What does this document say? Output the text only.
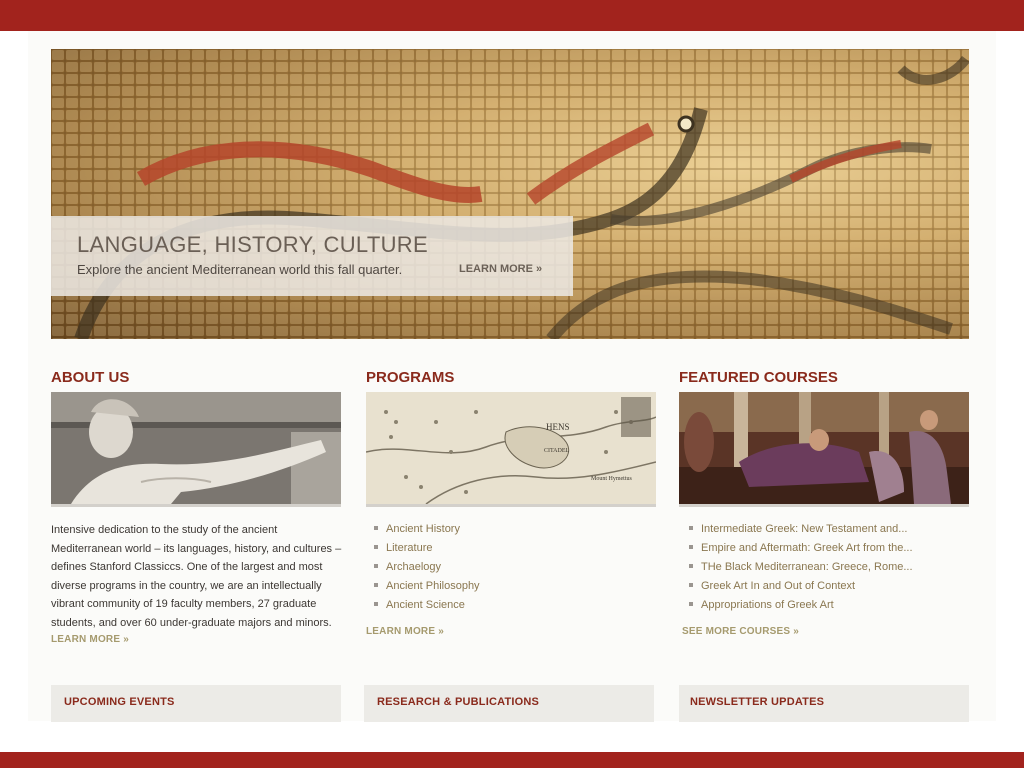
LANGUAGE, HISTORY, CULTURE
Explore the ancient Mediterranean world this fall quarter.	LEARN MORE »
ABOUT US
Intensive dedication to the study of the ancient Mediterranean world – its languages, history, and cultures – defines Stanford Classiccs. One of the largest and most diverse programs in the country, we are an intellectually vibrant community of 19 faculty members, 27 graduate students, and over 60 under-graduate majors and minors.
LEARN MORE »
PROGRAMS
HENS
CITADEL
Mount Hymettus
Ancient History
Literature
Archaelogy
Ancient Philosophy
Ancient Science
LEARN MORE »
FEATURED COURSES
Intermediate Greek: New Testament and...
Empire and Aftermath: Greek Art from the...
THe Black Mediterranean: Greece, Rome...
Greek Art In and Out of Context
Appropriations of Greek Art
SEE MORE COURSES »
UPCOMING EVENTS	RESEARCH & PUBLICATIONS	NEWSLETTER UPDATES
